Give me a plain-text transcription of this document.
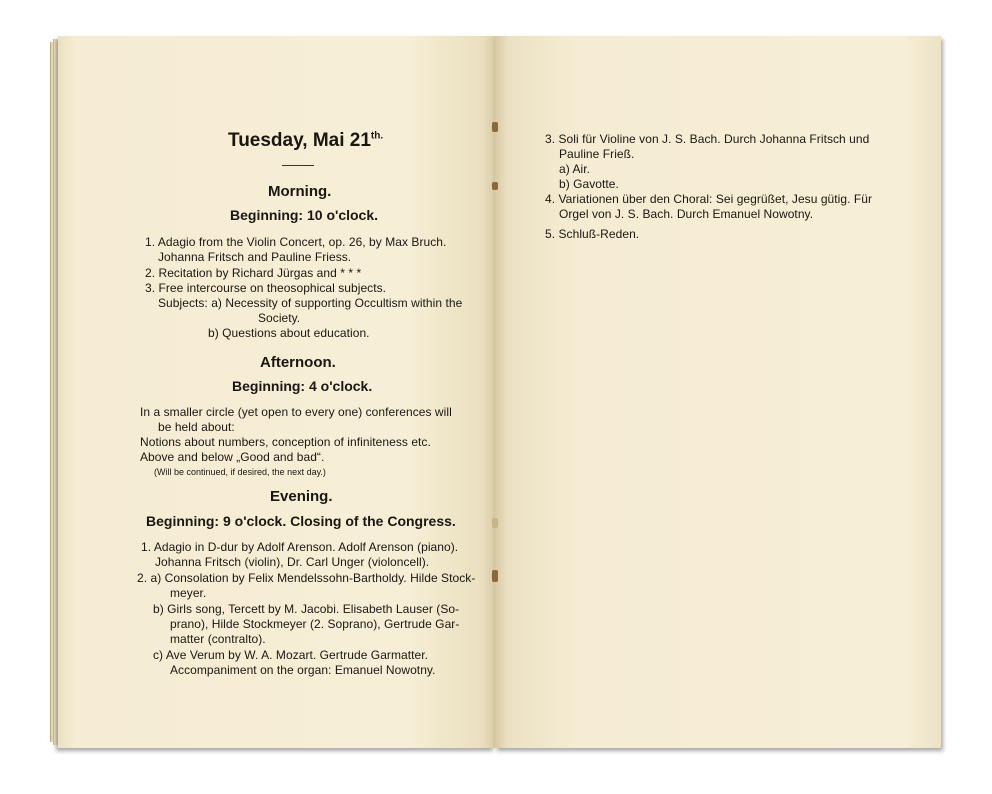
Tuesday, Mai $21^{th.}$
Morning.
Beginning: 10 o'clock.
1. Adagio from the Violin Concert, op. 26, by Max Bruch.
Johanna Fritsch and Pauline Friess.
2. Recitation by Richard Jürgas and * * *
3. Free intercourse on theosophical subjects.
Subjects: a) Necessity of supporting Occultism within the
Society.
b) Questions about education.
Afternoon.
Beginning: 4 o'clock.
In a smaller circle (yet open to every one) conferences will
be held about:
Notions about numbers, conception of infiniteness etc.
Above and below „Good and bad“.
(Will be continued, if desired, the next day.)
Evening.
Beginning: 9 o'clock. Closing of the Congress.
1. Adagio in D-dur by Adolf Arenson. Adolf Arenson (piano).
Johanna Fritsch (violin), Dr. Carl Unger (violoncell).
2. a) Consolation by Felix Mendelssohn-Bartholdy. Hilde Stock-
meyer.
b) Girls song, Tercett by M. Jacobi. Elisabeth Lauser (So-
prano), Hilde Stockmeyer (2. Soprano), Gertrude Gar-
matter (contralto).
c) Ave Verum by W. A. Mozart. Gertrude Garmatter.
Accompaniment on the organ: Emanuel Nowotny.
3. Soli für Violine von J. S. Bach. Durch Johanna Fritsch und
Pauline Frieß.
a) Air.
b) Gavotte.
4. Variationen über den Choral: Sei gegrüßet, Jesu gütig. Für
Orgel von J. S. Bach. Durch Emanuel Nowotny.
5. Schluß-Reden.
